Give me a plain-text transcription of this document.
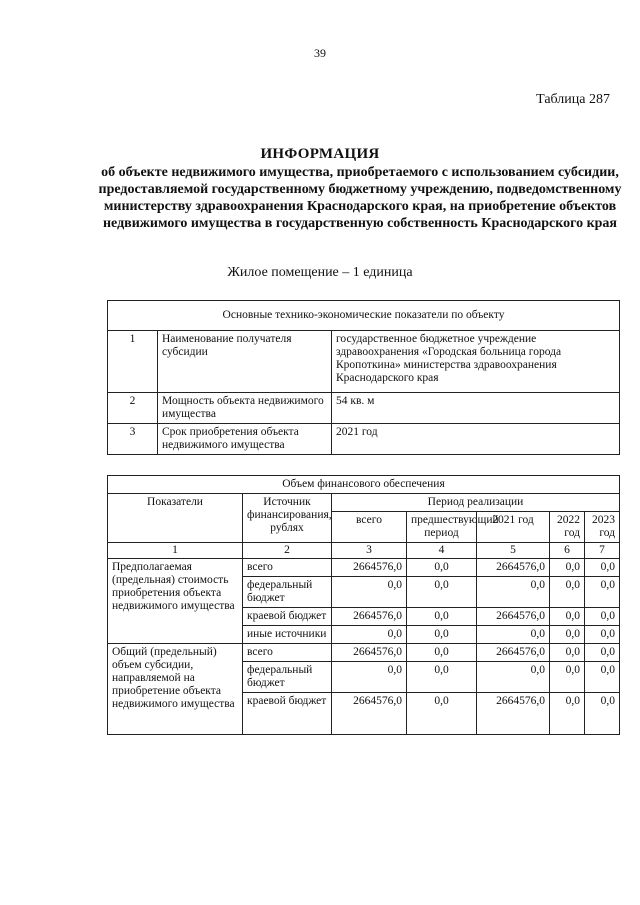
39
Таблица 287
ИНФОРМАЦИЯ
об объекте недвижимого имущества, приобретаемого с использованием субсидии, предоставляемой государственному бюджетному учреждению, подведомственному министерству здравоохранения Краснодарского края, на приобретение объектов недвижимого имущества в государственную собственность Краснодарского края
Жилое помещение – 1 единица
Основные технико-экономические показатели по объекту		
1	Наименование получателя субсидии	государственное бюджетное учреждение здравоохранения «Городская больница города Кропоткина» министерства здравоохранения Краснодарского края
2	Мощность объекта недвижимого имущества	54 кв. м
3	Срок приобретения объекта недвижимого имущества	2021 год
Объем финансового обеспечения						
Показатели	Источник финансирования, рублях	Период реализации				
		всего	предшествующий период	2021 год	2022 год	2023 год
1	2	3	4	5	6	7
Предполагаемая (предельная) стоимость приобретения объекта недвижимого имущества	всего	2664576,0	0,0	2664576,0	0,0	0,0
	федеральный бюджет	0,0	0,0	0,0	0,0	0,0
	краевой бюджет	2664576,0	0,0	2664576,0	0,0	0,0
	иные источники	0,0	0,0	0,0	0,0	0,0
Общий (предельный) объем субсидии, направляемой на приобретение объекта недвижимого имущества	всего	2664576,0	0,0	2664576,0	0,0	0,0
	федеральный бюджет	0,0	0,0	0,0	0,0	0,0
	краевой бюджет	2664576,0	0,0	2664576,0	0,0	0,0
